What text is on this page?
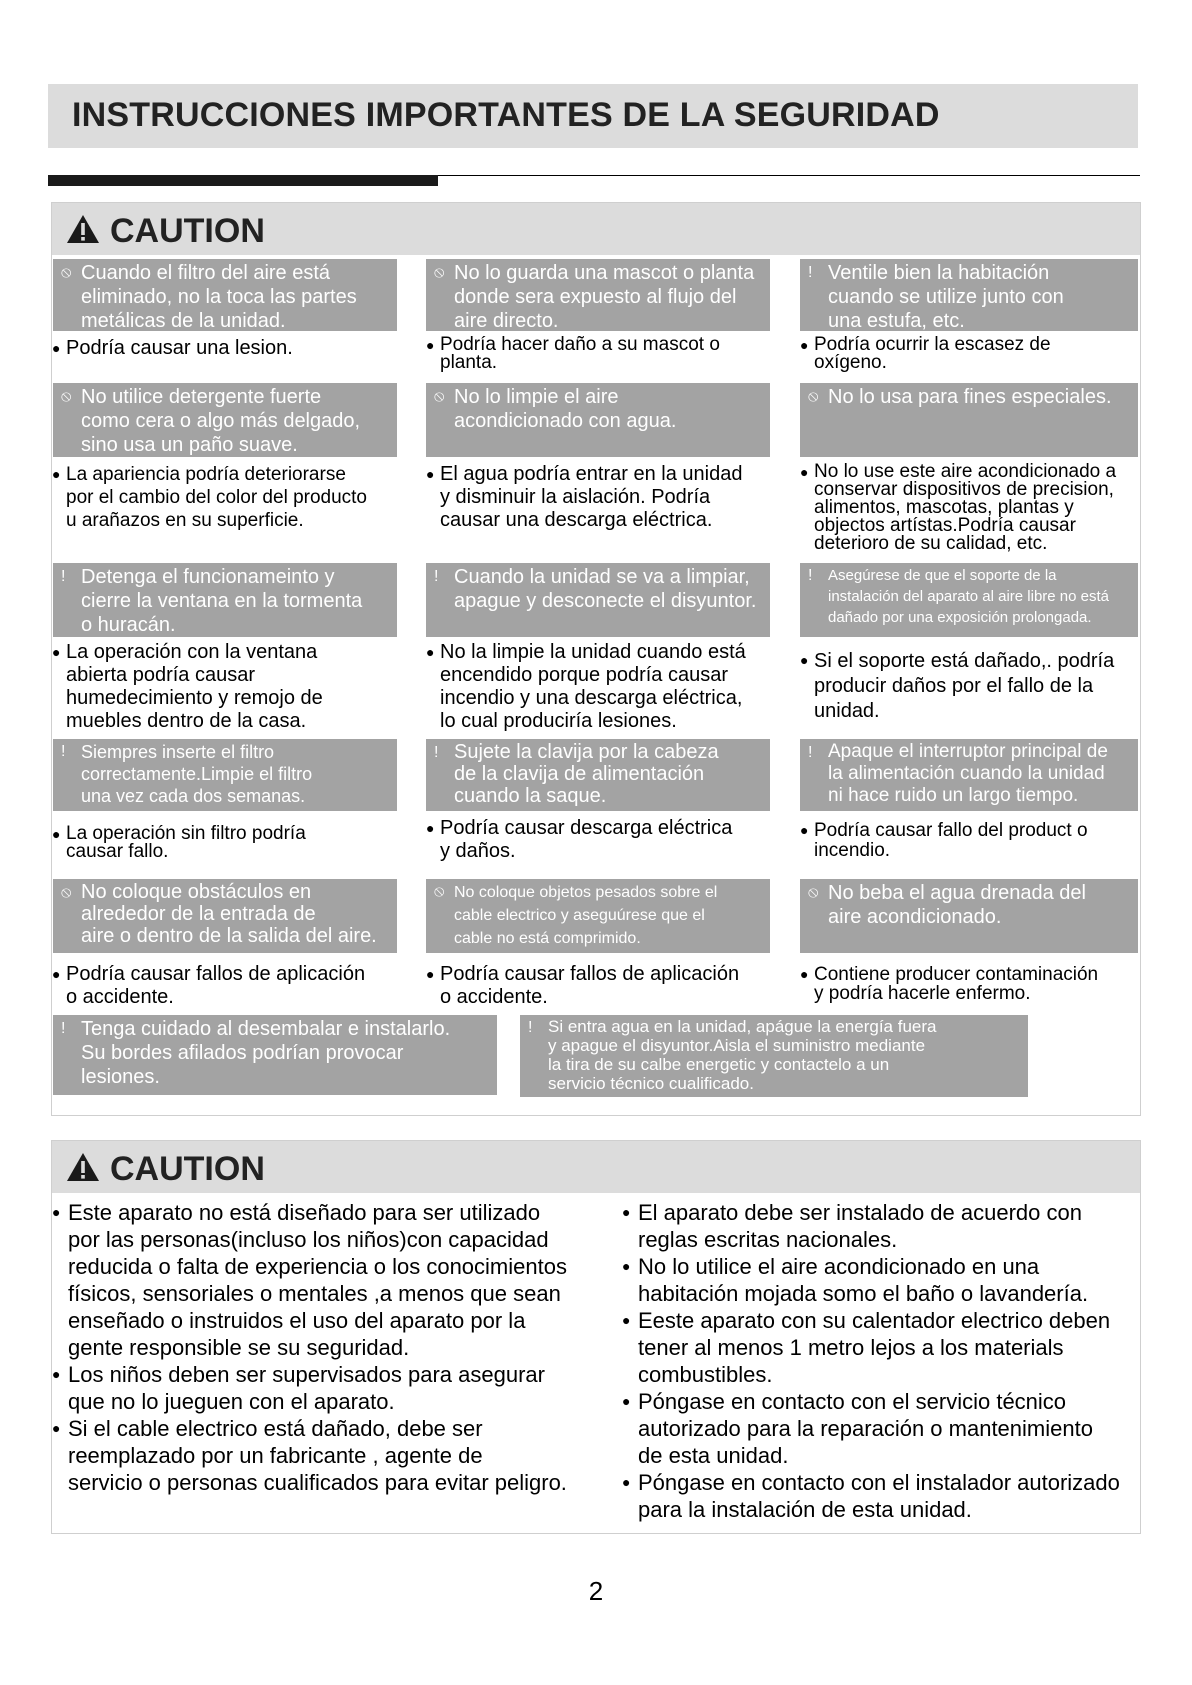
INSTRUCCIONES IMPORTANTES DE LA SEGURIDAD
CAUTION
⦸ Cuando el filtro del aire está
eliminado, no la toca las partes
metálicas de la unidad.
● Podría causar una lesion.
⦸ No lo guarda una mascot o planta
donde sera expuesto al flujo del
aire directo.
● Podría hacer daño a su mascot o
planta.
! Ventile bien la habitación
cuando se utilize junto con
una estufa, etc.
● Podría ocurrir la escasez de
oxígeno.
⦸ No utilice detergente fuerte
como cera o algo más delgado,
sino usa un paño suave.
● La apariencia podría deteriorarse
por el cambio del color del producto
u arañazos en su superficie.
⦸ No lo limpie el aire
acondicionado con agua.
● El agua podría entrar en la unidad
y disminuir la aislación. Podría
causar una descarga eléctrica.
⦸ No lo usa para fines especiales.
● No lo use este aire acondicionado a
conservar dispositivos de precision,
alimentos, mascotas, plantas y
objectos artístas.Podría causar
deterioro de su calidad, etc.
! Detenga el funcionameinto y
cierre la ventana en la tormenta
o huracán.
● La operación con la ventana
abierta podría causar
humedecimiento y remojo de
muebles dentro de la casa.
! Cuando la unidad se va a limpiar,
apague y desconecte el disyuntor.
● No la limpie la unidad cuando está
encendido porque podría causar
incendio y una descarga eléctrica,
lo cual produciría lesiones.
!	Asegúrese de que el soporte de la
instalación del aparato al aire libre no está
dañado por una exposición prolongada.
● Si el soporte está dañado,. podría
producir daños por el fallo de la
unidad.
! Siempres inserte el filtro
correctamente.Limpie el filtro
una vez cada dos semanas.
● La operación sin filtro podría
causar fallo.
! Sujete la clavija por la cabeza
de la clavija de alimentación
cuando la saque.
● Podría causar descarga eléctrica
y daños.
! Apaque el interruptor principal de
la alimentación cuando la unidad
ni hace ruido un largo tiempo.
● Podría causar fallo del product o
incendio.
⦸ No coloque obstáculos en
alrededor de la entrada de
aire o dentro de la salida del aire.
● Podría causar fallos de aplicación
o accidente.
⦸ No coloque objetos pesados sobre el
cable electrico y aseguúrese que el
cable no está comprimido.
● Podría causar fallos de aplicación
o accidente.
⦸ No beba el agua drenada del
aire acondicionado.
● Contiene producer contaminación
y podría hacerle enfermo.
! Tenga cuidado al desembalar e instalarlo.
Su bordes afilados podrían provocar
lesiones.
! Si entra agua en la unidad, apágue la energía fuera
y apague el disyuntor.Aisla el suministro mediante
la tira de su calbe energetic y contactelo a un
servicio técnico cualificado.
CAUTION
● Este aparato no está diseñado para ser utilizado
por las personas(incluso los niños)con capacidad
reducida o falta de experiencia o los conocimientos
físicos, sensoriales o mentales ,a menos que sean
enseñado o instruidos el uso del aparato por la
gente responsible se su seguridad.
● Los niños deben ser supervisados para asegurar
que no lo jueguen con el aparato.
● Si el cable electrico está dañado, debe ser
reemplazado por un fabricante , agente de
servicio o personas cualificados para evitar peligro.
● El aparato debe ser instalado de acuerdo con
reglas escritas nacionales.
● No lo utilice el aire acondicionado en una
habitación mojada somo el baño o lavandería.
● Eeste aparato con su calentador electrico deben
tener al menos 1 metro lejos a los materials
combustibles.
● Póngase en contacto con el servicio técnico
autorizado para la reparación o mantenimiento
de esta unidad.
● Póngase en contacto con el instalador autorizado
para la instalación de esta unidad.
2
